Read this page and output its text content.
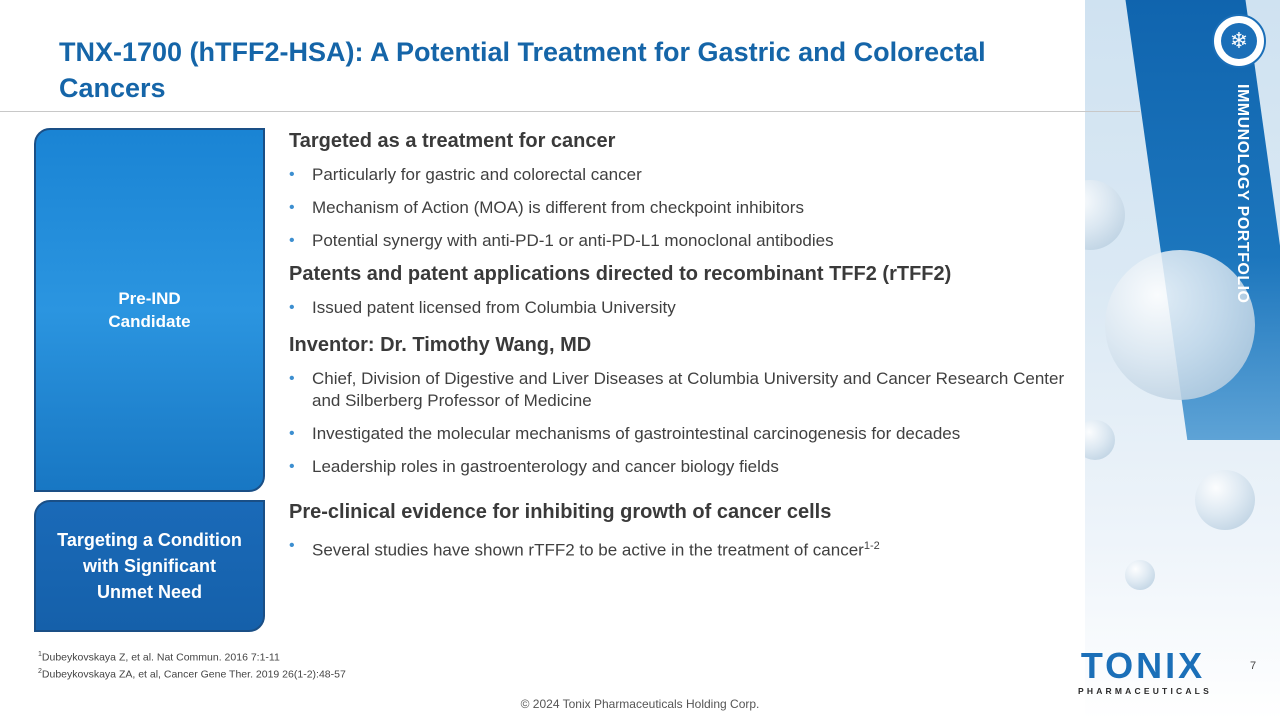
❄
IMMUNOLOGY PORTFOLIO
TNX-1700 (hTFF2-HSA): A Potential Treatment for Gastric and Colorectal Cancers
Pre-IND Candidate
Targeting a Condition with Significant Unmet Need
Targeted as a treatment for cancer
• Particularly for gastric and colorectal cancer
• Mechanism of Action (MOA) is different from checkpoint inhibitors
• Potential synergy with anti-PD-1 or anti-PD-L1 monoclonal antibodies
Patents and patent applications directed to recombinant TFF2 (rTFF2)
• Issued patent licensed from Columbia University
Inventor: Dr. Timothy Wang, MD
• Chief, Division of Digestive and Liver Diseases at Columbia University and Cancer Research Center and Silberberg Professor of Medicine
• Investigated the molecular mechanisms of gastrointestinal carcinogenesis for decades
• Leadership roles in gastroenterology and cancer biology fields
Pre-clinical evidence for inhibiting growth of cancer cells
• Several studies have shown rTFF2 to be active in the treatment of cancer$^{1-2}$
$^1$Dubeykovskaya Z, et al. Nat Commun. 2016 7:1-11
$^2$Dubeykovskaya ZA, et al, Cancer Gene Ther. 2019 26(1-2):48-57	TONIX
PHARMACEUTICALS
7
© 2024 Tonix Pharmaceuticals Holding Corp.
